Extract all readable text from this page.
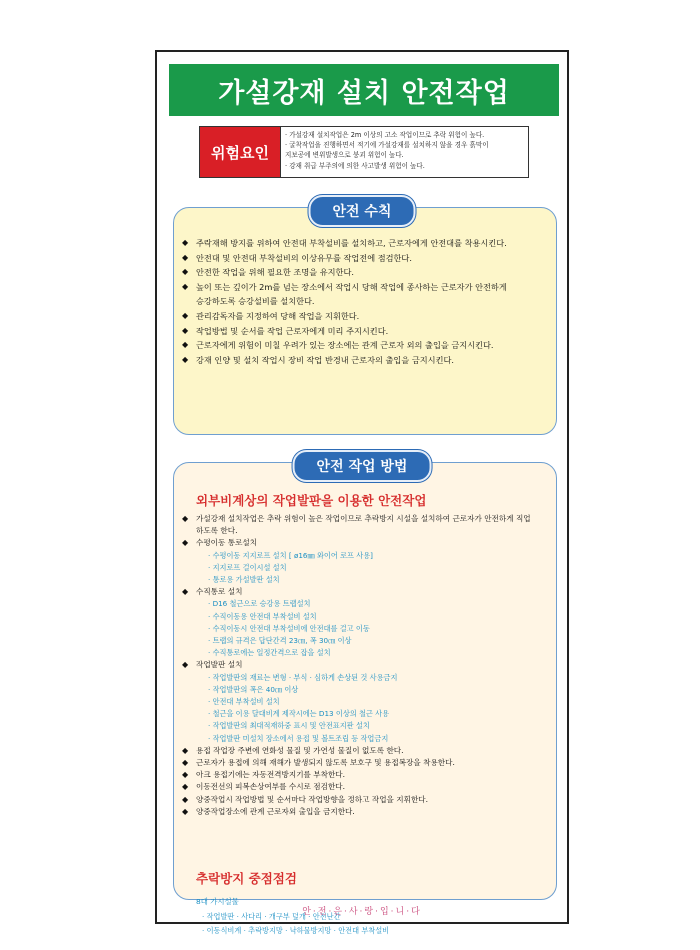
가설강재 설치 안전작업
위험요인
· 가설강재 설치작업은 2m 이상의 고소 작업이므로 추락 위험이 높다.
· 굴착작업을 진행하면서 적기에 가설강재를 설치하지 않을 경우 흙막이
지보공에 변위발생으로 붕괴 위험이 높다.
· 강재 취급 부주의에 의한 사고발생 위험이 높다.
◆ 주락재해 방지를 위하여 안전대 부착설비를 설치하고, 근로자에게 안전대를 착용시킨다.
◆ 안전대 및 안전대 부착설비의 이상유무를 작업전에 점검한다.
◆ 안전한 작업을 위해 필요한 조명을 유지한다.
◆ 높이 또는 깊이가 2m를 넘는 장소에서 작업시 당해 작업에 종사하는 근로자가 안전하게
승강하도록 승강설비를 설치한다.
◆ 관리감독자를 지정하여 당해 작업을 지휘한다.
◆ 작업방법 및 순서를 작업 근로자에게 미리 주지시킨다.
◆ 근로자에게 위험이 미칠 우려가 있는 장소에는 관계 근로자 외의 출입을 금지시킨다.
◆ 강재 인양 및 설치 작업시 장비 작업 반경내 근로자의 출입을 금지시킨다.
안전 수칙
외부비계상의 작업발판을 이용한 안전작업
◆ 가설강재 설치작업은 추락 위험이 높은 작업이므로 추락방지 시설을 설치하여 근로자가 안전하게 직업
하도록 한다.
◆ 수평이동 통로설치
· 수평이동 지지로프 설치 [ ø16㎜ 와이어 로프 사용]
· 지지로프 걸이시설 설치
· 통로용 가설발판 설치
◆ 수직통로 설치
· D16 철근으로 승강용 트랩설치
· 수직이동용 안전대 부착설비 설치
· 수직이동시 안전대 부착설비에 안전대를 걸고 이동
· 트랩의 규격은 답단간격 23㎝, 폭 30㎝ 이상
· 수직통로에는 일정간격으로 잡을 설치
◆ 작업발판 설치
· 작업발판의 재료는 변형 · 부식 · 심하게 손상된 것 사용금지
· 작업발판의 폭은 40㎝ 이상
· 안전대 부착설비 설치
· 철근을 이용 달대비계 제작시에는 D13 이상의 철근 사용
· 작업발판의 최대적재하중 표시 및 안전표지판 설치
· 작업발판 미설치 장소에서 용접 및 볼트조립 등 작업금지
◆ 용접 작업장 주변에 연화성 물질 및 가연성 물질이 없도록 한다.
◆ 근로자가 용접에 의해 재해가 발생되지 않도록 보호구 및 용접복장을 착용한다.
◆ 아크 용접기에는 자동전격방지기를 부착한다.
◆ 이동전선의 피복손상여부를 수시로 점검한다.
◆ 양중작업시 작업방법 및 순서마다 작업방향을 정하고 작업을 지휘한다.
◆ 양중작업장소에 관계 근로자외 출입을 금지한다.
추락방지 중점점검
8대 가시설물
· 작업발판 · 사다리 · 개구부 덮개 · 안전난간
· 이동식비계 · 추락방지망 · 낙하물방지망 · 안전대 부착설비
안전 작업 방법
안·전·은·사·랑·입·니·다
